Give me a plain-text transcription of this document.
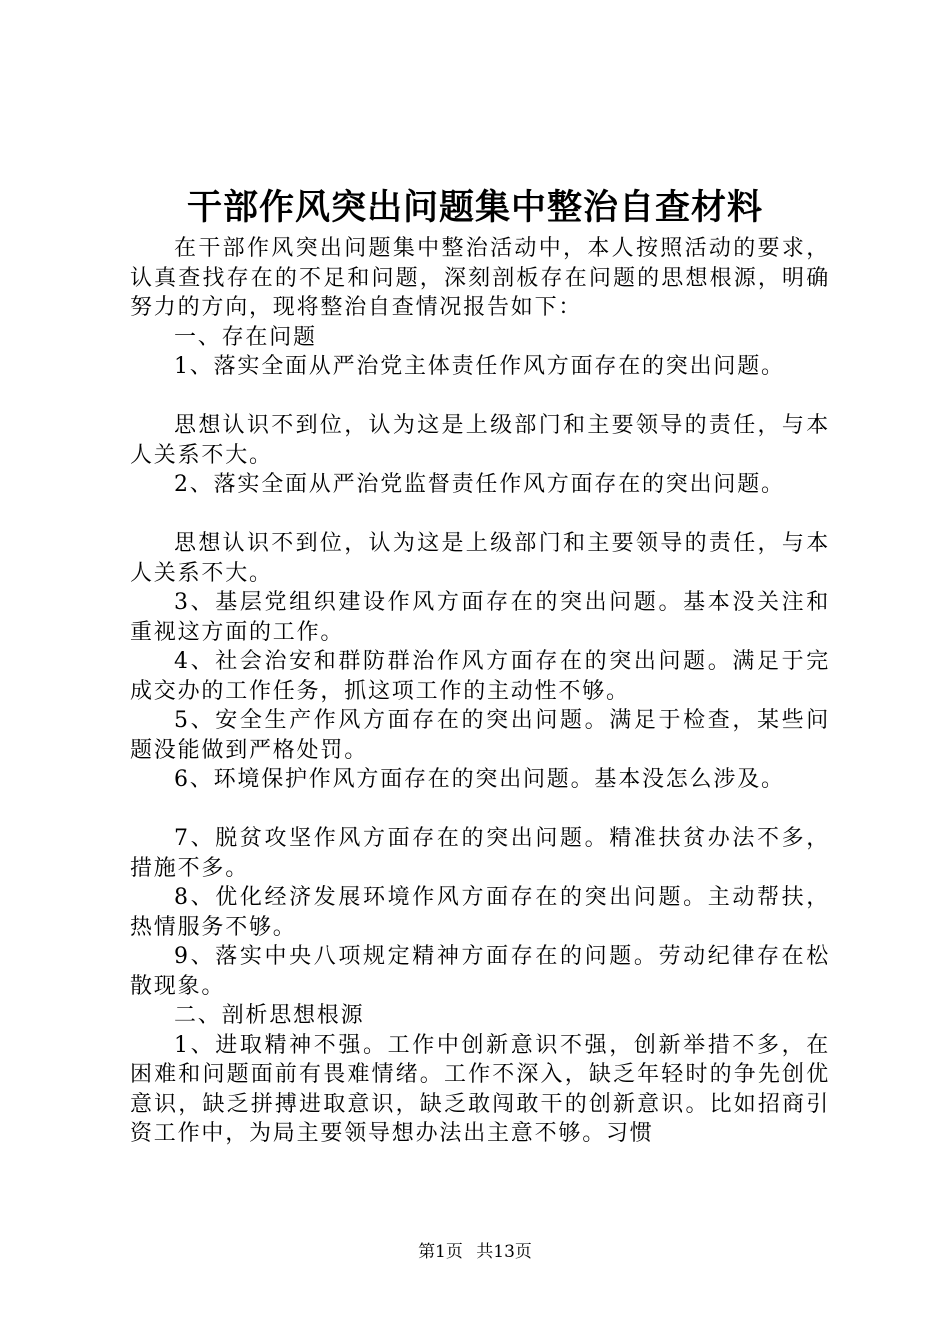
干部作风突出问题集中整治自查材料

在干部作风突出问题集中整治活动中，本人按照活动的要求，认真查找存在的不足和问题，深刻剖板存在问题的思想根源，明确努力的方向，现将整治自查情况报告如下：

一、存在问题

1、落实全面从严治党主体责任作风方面存在的突出问题。

思想认识不到位，认为这是上级部门和主要领导的责任，与本人关系不大。

2、落实全面从严治党监督责任作风方面存在的突出问题。

思想认识不到位，认为这是上级部门和主要领导的责任，与本人关系不大。

3、基层党组织建设作风方面存在的突出问题。基本没关注和重视这方面的工作。

4、社会治安和群防群治作风方面存在的突出问题。满足于完成交办的工作任务，抓这项工作的主动性不够。

5、安全生产作风方面存在的突出问题。满足于检查，某些问题没能做到严格处罚。

6、环境保护作风方面存在的突出问题。基本没怎么涉及。

7、脱贫攻坚作风方面存在的突出问题。精准扶贫办法不多，措施不多。

8、优化经济发展环境作风方面存在的突出问题。主动帮扶，热情服务不够。

9、落实中央八项规定精神方面存在的问题。劳动纪律存在松散现象。

二、剖析思想根源

1、进取精神不强。工作中创新意识不强，创新举措不多，在困难和问题面前有畏难情绪。工作不深入，缺乏年轻时的争先创优意识，缺乏拼搏进取意识，缺乏敢闯敢干的创新意识。比如招商引资工作中，为局主要领导想办法出主意不够。习惯

第1页 共13页
